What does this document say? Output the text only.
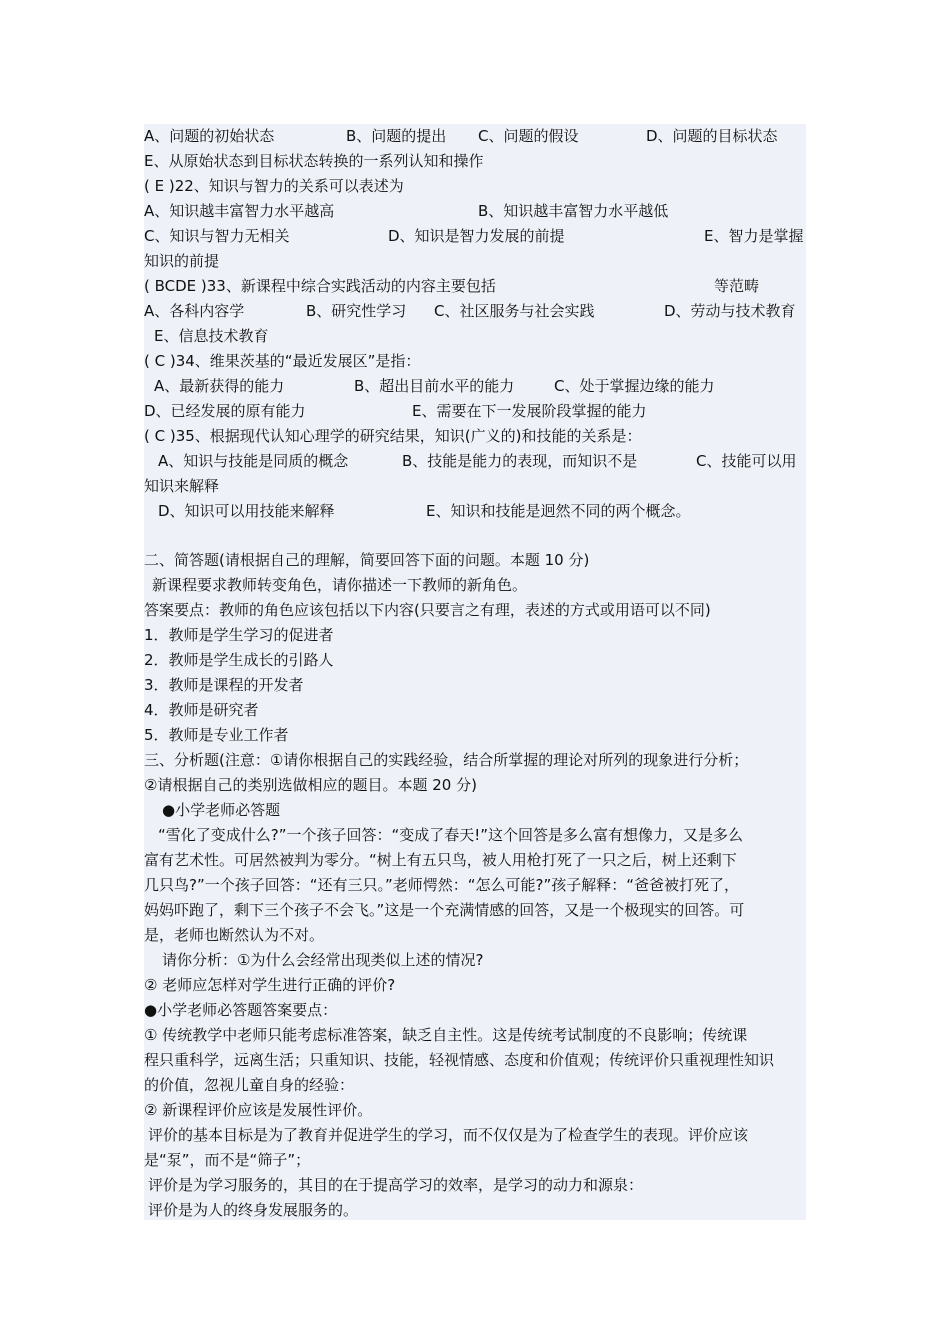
A、问题的初始状态	B、问题的提出 C、问题的假设	D、问题的目标状态
E、从原始状态到目标状态转换的一系列认知和操作
( E )22、知识与智力的关系可以表述为
A、知识越丰富智力水平越高	B、知识越丰富智力水平越低
C、知识与智力无相关	D、知识是智力发展的前提	E、智力是掌握
知识的前提
( BCDE )33、新课程中综合实践活动的内容主要包括	等范畴
A、各科内容学	B、研究性学习 C、社区服务与社会实践	D、劳动与技术教育
E、信息技术教育
( C )34、维果茨基的“最近发展区”是指：
A、最新获得的能力	B、超出目前水平的能力	C、处于掌握边缘的能力
D、已经发展的原有能力	E、需要在下一发展阶段掌握的能力
( C )35、根据现代认知心理学的研究结果，知识(广义的)和技能的关系是：
A、知识与技能是同质的概念	B、技能是能力的表现，而知识不是	C、技能可以用
知识来解释
D、知识可以用技能来解释	E、知识和技能是迥然不同的两个概念。
二、简答题(请根据自己的理解，简要回答下面的问题。本题 10 分)
新课程要求教师转变角色，请你描述一下教师的新角色。
答案要点：教师的角色应该包括以下内容(只要言之有理，表述的方式或用语可以不同)
1．教师是学生学习的促进者
2．教师是学生成长的引路人
3．教师是课程的开发者
4．教师是研究者
5．教师是专业工作者
三、分析题(注意：①请你根据自己的实践经验，结合所掌握的理论对所列的现象进行分析；
②请根据自己的类别选做相应的题目。本题 20 分)
●小学老师必答题
“雪化了变成什么?”一个孩子回答：“变成了春天!”这个回答是多么富有想像力，又是多么
富有艺术性。可居然被判为零分。“树上有五只鸟，被人用枪打死了一只之后，树上还剩下
几只鸟?”一个孩子回答：“还有三只。”老师愕然：“怎么可能?”孩子解释：“爸爸被打死了，
妈妈吓跑了，剩下三个孩子不会飞。”这是一个充满情感的回答，又是一个极现实的回答。可
是，老师也断然认为不对。
请你分析：①为什么会经常出现类似上述的情况?
② 老师应怎样对学生进行正确的评价?
●小学老师必答题答案要点：
① 传统教学中老师只能考虑标准答案，缺乏自主性。这是传统考试制度的不良影响；传统课
程只重科学，远离生活；只重知识、技能，轻视情感、态度和价值观；传统评价只重视理性知识
的价值，忽视儿童自身的经验：
② 新课程评价应该是发展性评价。
评价的基本目标是为了教育并促进学生的学习，而不仅仅是为了检查学生的表现。评价应该
是“泵”，而不是“筛子”；
评价是为学习服务的，其目的在于提高学习的效率，是学习的动力和源泉：
评价是为人的终身发展服务的。
